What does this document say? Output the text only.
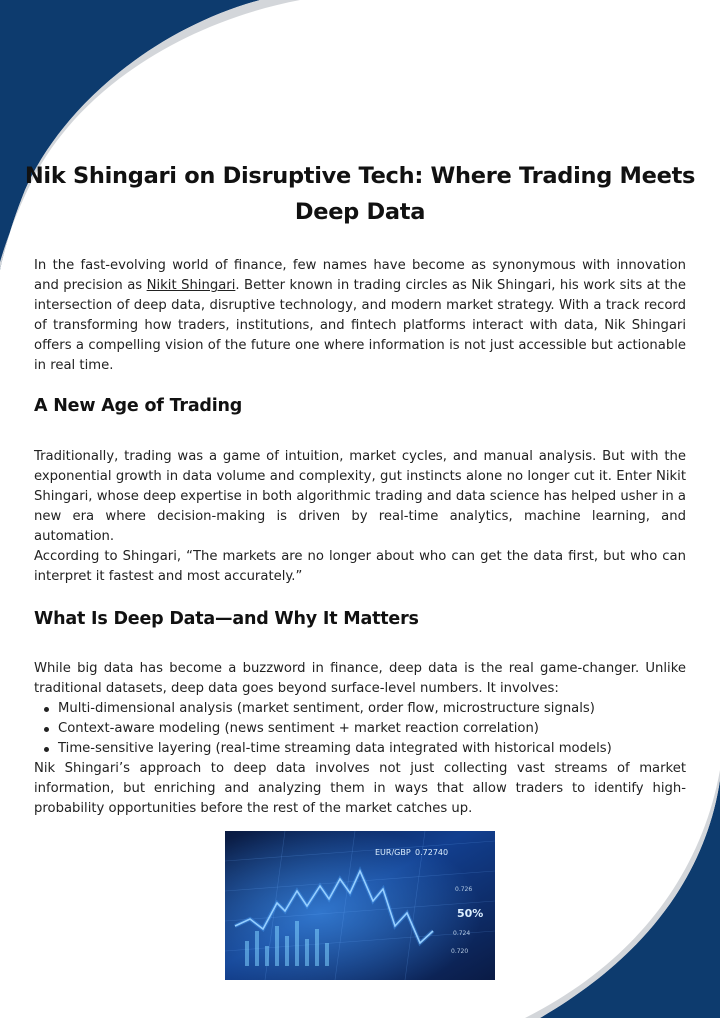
Nik Shingari on Disruptive Tech: Where Trading Meets Deep Data

In the fast-evolving world of finance, few names have become as synonymous with innovation and precision as Nikit Shingari. Better known in trading circles as Nik Shingari, his work sits at the intersection of deep data, disruptive technology, and modern market strategy. With a track record of transforming how traders, institutions, and fintech platforms interact with data, Nik Shingari offers a compelling vision of the future one where information is not just accessible but actionable in real time.

A New Age of Trading

Traditionally, trading was a game of intuition, market cycles, and manual analysis. But with the exponential growth in data volume and complexity, gut instincts alone no longer cut it. Enter Nikit Shingari, whose deep expertise in both algorithmic trading and data science has helped usher in a new era where decision-making is driven by real-time analytics, machine learning, and automation.

According to Shingari, “The markets are no longer about who can get the data first, but who can interpret it fastest and most accurately.”

What Is Deep Data—and Why It Matters

While big data has become a buzzword in finance, deep data is the real game-changer. Unlike traditional datasets, deep data goes beyond surface-level numbers. It involves:

Multi-dimensional analysis (market sentiment, order flow, microstructure signals)
Context-aware modeling (news sentiment + market reaction correlation)
Time-sensitive layering (real-time streaming data integrated with historical models)

Nik Shingari’s approach to deep data involves not just collecting vast streams of market information, but enriching and analyzing them in ways that allow traders to identify high-probability opportunities before the rest of the market catches up.

EUR/GBP 0.72740
50%
0.726
0.724
0.720
